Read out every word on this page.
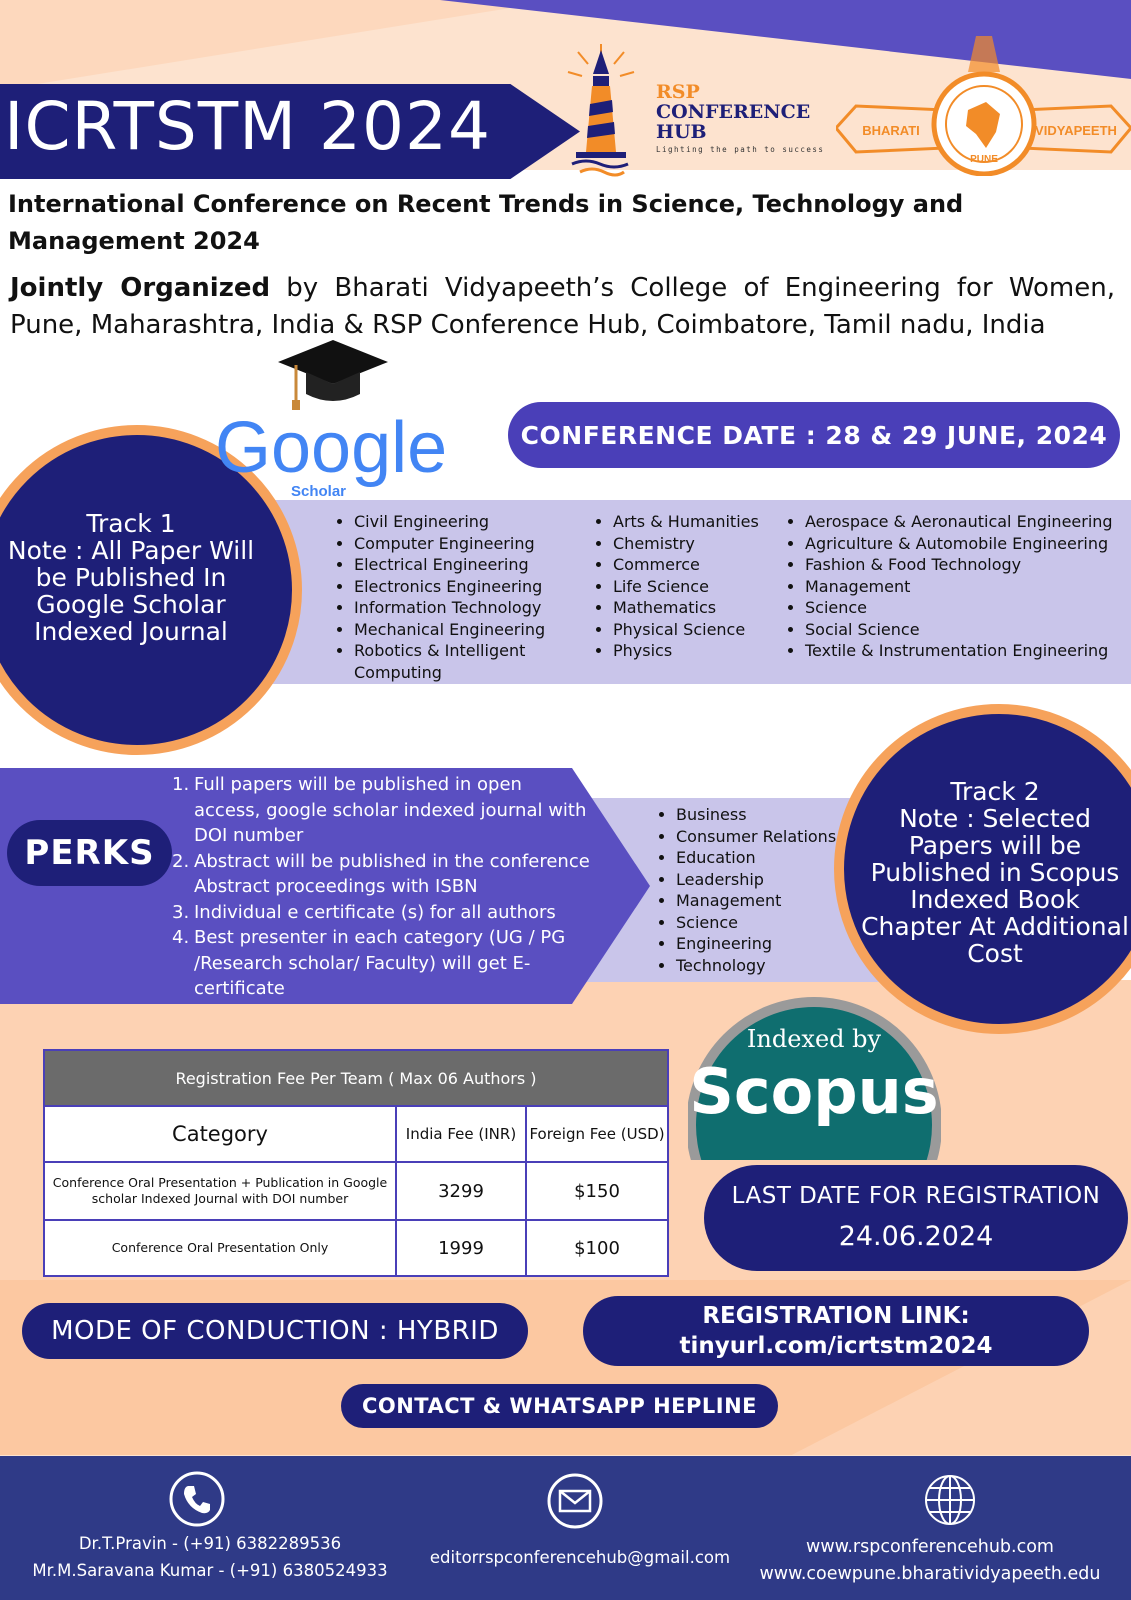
ICRTSTM 2024	RSP
CONFERENCE
HUB
Lighting the path to success
BHARATI	VIDYAPEETH
PUNE
International Conference on Recent Trends in Science, Technology and Management 2024
Jointly Organized by Bharati Vidyapeeth’s College of Engineering for Women,
Pune, Maharashtra, India & RSP Conference Hub, Coimbatore, Tamil nadu, India
CONFERENCE DATE : 28 & 29 JUNE, 2024
Track 1
Note : All Paper Will be Published In Google Scholar Indexed Journal
Google
Scholar
• Civil Engineering
• Computer Engineering
• Electrical Engineering
• Electronics Engineering
• Information Technology
• Mechanical Engineering
• Robotics & Intelligent Computing
• Arts & Humanities
• Chemistry
• Commerce
• Life Science
• Mathematics
• Physical Science
• Physics
• Aerospace & Aeronautical Engineering
• Agriculture & Automobile Engineering
• Fashion & Food Technology
• Management
• Science
• Social Science
• Textile & Instrumentation Engineering
PERKS
Full papers will be published in open access, google scholar indexed journal with DOI number
Abstract will be published in the conference Abstract proceedings with ISBN
Individual e certificate (s) for all authors
Best presenter in each category (UG / PG /Research scholar/ Faculty) will get E-certificate
• Business
• Consumer Relations
• Education
• Leadership
• Management
• Science
• Engineering
• Technology
Track 2
Note : Selected Papers will be Published in Scopus Indexed Book Chapter At Additional Cost
Registration Fee Per Team ( Max 06 Authors )		
Category	India Fee (INR)	Foreign Fee (USD)
Conference Oral Presentation + Publication in Google scholar Indexed Journal with DOI number	3299	$150
Conference Oral Presentation Only	1999	$100
Indexed by
Scopus
LAST DATE FOR REGISTRATION
24.06.2024
MODE OF CONDUCTION : HYBRID	REGISTRATION LINK:
tinyurl.com/icrtstm2024
CONTACT & WHATSAPP HEPLINE
Dr.T.Pravin - (+91) 6382289536
Mr.M.Saravana Kumar - (+91) 6380524933
editorrspconferencehub@gmail.com
www.rspconferencehub.com
www.coewpune.bharatividyapeeth.edu
